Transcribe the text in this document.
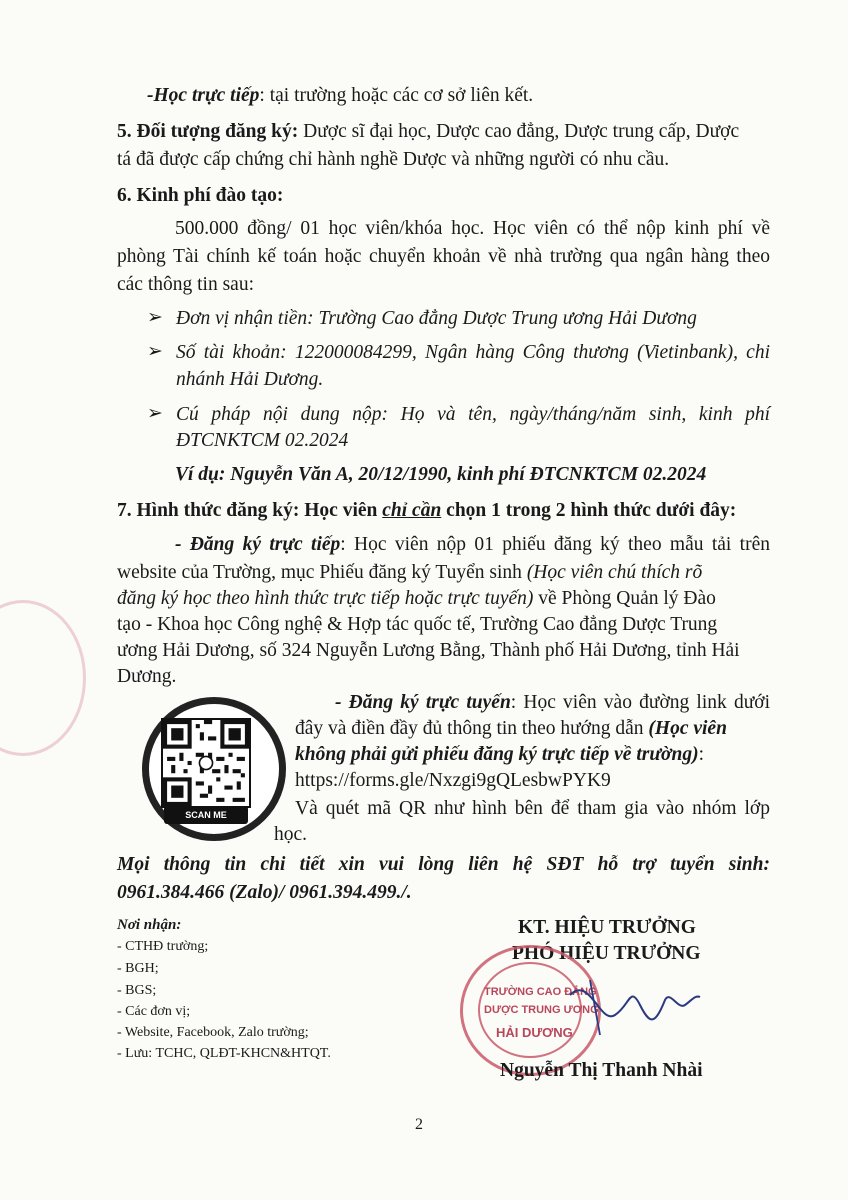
-Học trực tiếp: tại trường hoặc các cơ sở liên kết.
5. Đối tượng đăng ký: Dược sĩ đại học, Dược cao đẳng, Dược trung cấp, Dược
tá đã được cấp chứng chỉ hành nghề Dược và những người có nhu cầu.
6. Kinh phí đào tạo:
500.000 đồng/ 01 học viên/khóa học. Học viên có thể nộp kinh phí về
phòng Tài chính kế toán hoặc chuyển khoản về nhà trường qua ngân hàng theo
các thông tin sau:
➢ Đơn vị nhận tiền: Trường Cao đẳng Dược Trung ương Hải Dương
➢ Số tài khoản: 122000084299, Ngân hàng Công thương (Vietinbank), chi
nhánh Hải Dương.
➢ Cú pháp nội dung nộp: Họ và tên, ngày/tháng/năm sinh, kinh phí
ĐTCNKTCM 02.2024
Ví dụ: Nguyễn Văn A, 20/12/1990, kinh phí ĐTCNKTCM 02.2024
7. Hình thức đăng ký: Học viên chỉ cần chọn 1 trong 2 hình thức dưới đây:
- Đăng ký trực tiếp: Học viên nộp 01 phiếu đăng ký theo mẫu tải trên
website của Trường, mục Phiếu đăng ký Tuyển sinh (Học viên chú thích rõ
đăng ký học theo hình thức trực tiếp hoặc trực tuyến) về Phòng Quản lý Đào
tạo - Khoa học Công nghệ & Hợp tác quốc tế, Trường Cao đẳng Dược Trung
ương Hải Dương, số 324 Nguyễn Lương Bằng, Thành phố Hải Dương, tỉnh Hải
Dương.
SCAN ME
- Đăng ký trực tuyến: Học viên vào đường link dưới
đây và điền đầy đủ thông tin theo hướng dẫn (Học viên
không phải gửi phiếu đăng ký trực tiếp về trường):
https://forms.gle/Nxzgi9gQLesbwPYK9
Và quét mã QR như hình bên để tham gia vào nhóm lớp
học.
Mọi thông tin chi tiết xin vui lòng liên hệ SĐT hỗ trợ tuyển sinh:
0961.384.466 (Zalo)/ 0961.394.499./.
Nơi nhận:
- CTHĐ trường;
- BGH;
- BGS;
- Các đơn vị;
- Website, Facebook, Zalo trường;
- Lưu: TCHC, QLĐT-KHCN&HTQT.
KT. HIỆU TRƯỞNG
PHÓ HIỆU TRƯỞNG
TRƯỜNG CAO ĐẲNG
DƯỢC TRUNG ƯƠNG
HẢI DƯƠNG
Nguyễn Thị Thanh Nhài
2
